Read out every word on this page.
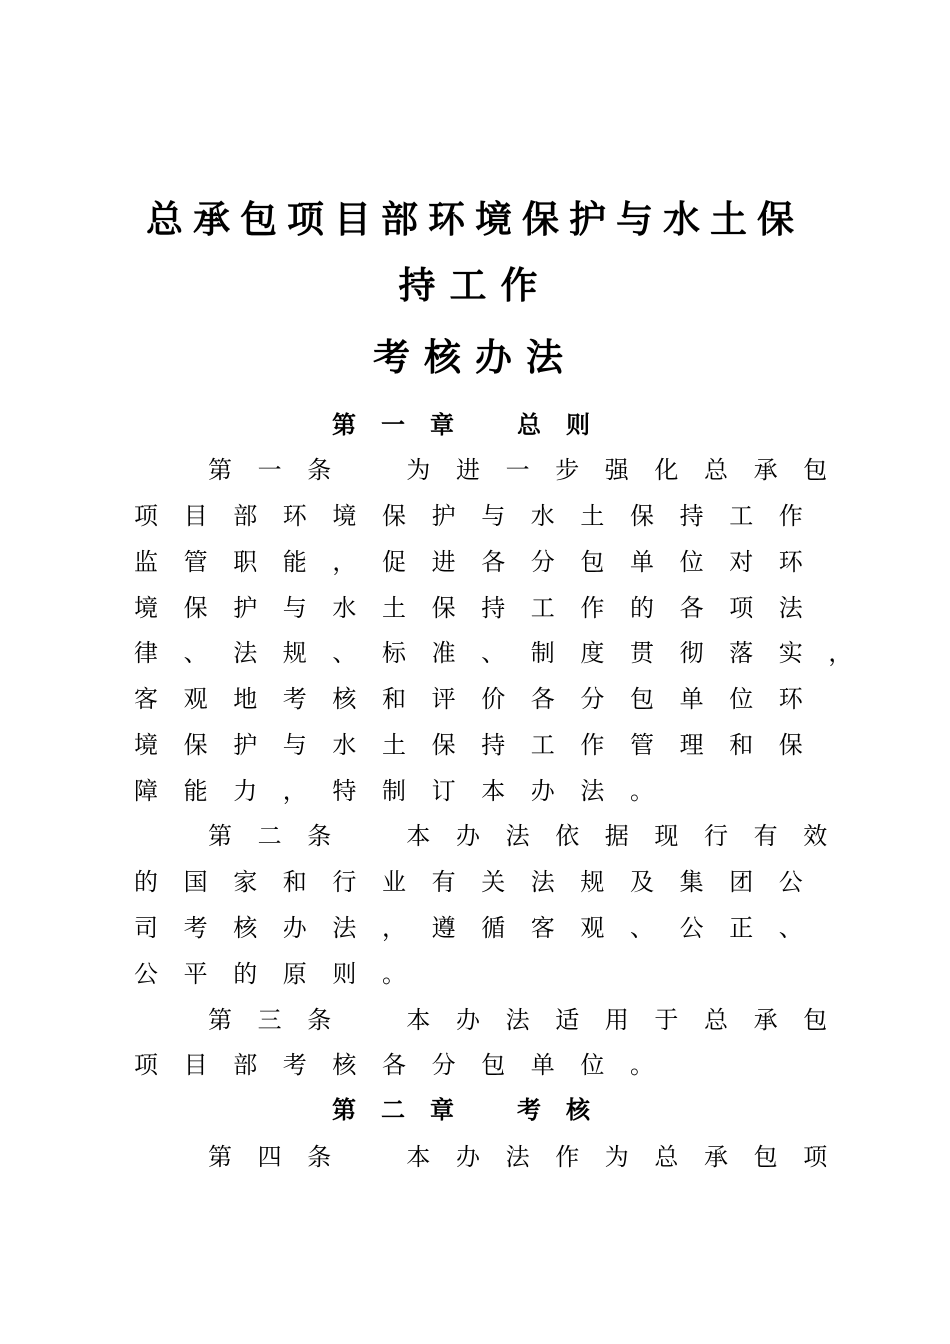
总承包项目部环境保护与水土保
持工作
考核办法
第一章 总则
第一条　为进一步强化总承包
项目部环境保护与水土保持工作
监管职能，促进各分包单位对环
境保护与水土保持工作的各项法
律、法规、标准、制度贯彻落实，
客观地考核和评价各分包单位环
境保护与水土保持工作管理和保
障能力，特制订本办法。
第二条　本办法依据现行有效
的国家和行业有关法规及集团公
司考核办法，遵循客观、公正、
公平的原则。
第三条　本办法适用于总承包
项目部考核各分包单位。
第二章 考核
第四条　本办法作为总承包项
